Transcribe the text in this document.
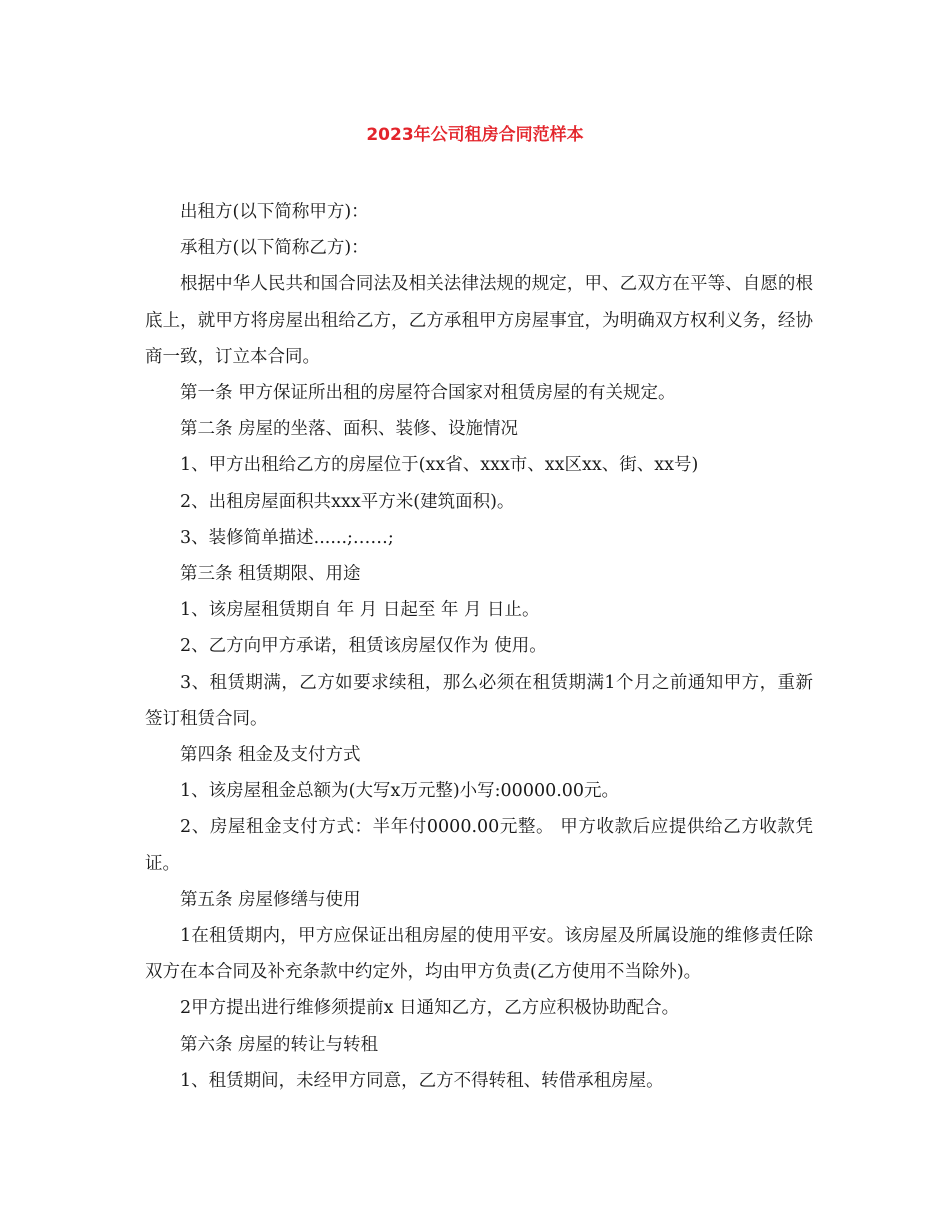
2023年公司租房合同范样本

出租方(以下简称甲方)：

承租方(以下简称乙方)：

根据中华人民共和国合同法及相关法律法规的规定，甲、乙双方在平等、自愿的根底上，就甲方将房屋出租给乙方，乙方承租甲方房屋事宜，为明确双方权利义务，经协商一致，订立本合同。

第一条 甲方保证所出租的房屋符合国家对租赁房屋的有关规定。

第二条 房屋的坐落、面积、装修、设施情况

1、甲方出租给乙方的房屋位于(xx省、xxx市、xx区xx、街、xx号)

2、出租房屋面积共xxx平方米(建筑面积)。

3、装修简单描述......;……;

第三条 租赁期限、用途

1、该房屋租赁期自 年 月 日起至 年 月 日止。

2、乙方向甲方承诺，租赁该房屋仅作为 使用。

3、租赁期满，乙方如要求续租，那么必须在租赁期满1个月之前通知甲方，重新签订租赁合同。

第四条 租金及支付方式

1、该房屋租金总额为(大写x万元整)小写:00000.00元。

2、房屋租金支付方式：半年付0000.00元整。 甲方收款后应提供给乙方收款凭证。

第五条 房屋修缮与使用

1在租赁期内，甲方应保证出租房屋的使用平安。该房屋及所属设施的维修责任除双方在本合同及补充条款中约定外，均由甲方负责(乙方使用不当除外)。

2甲方提出进行维修须提前x 日通知乙方，乙方应积极协助配合。

第六条 房屋的转让与转租

1、租赁期间，未经甲方同意，乙方不得转租、转借承租房屋。
